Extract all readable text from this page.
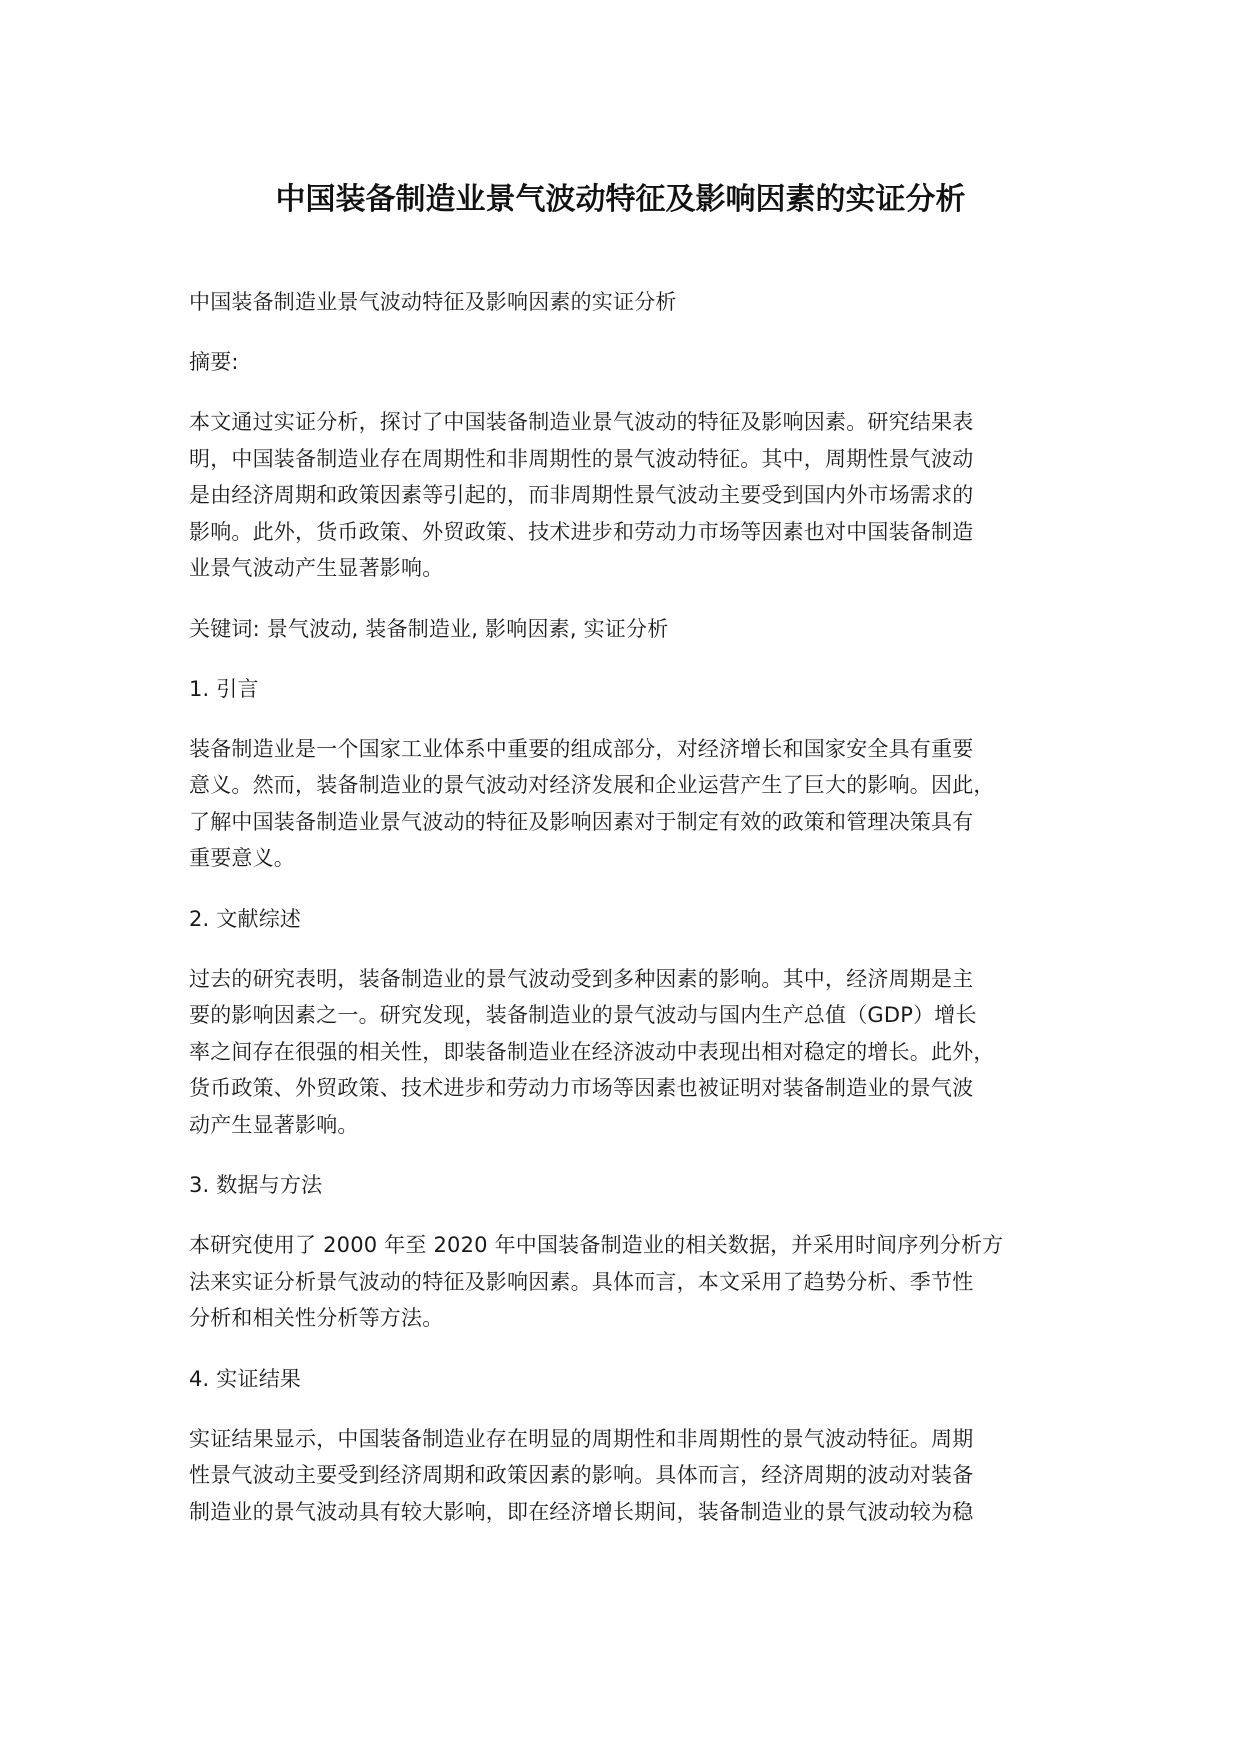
中国装备制造业景气波动特征及影响因素的实证分析

中国装备制造业景气波动特征及影响因素的实证分析

摘要:

本文通过实证分析，探讨了中国装备制造业景气波动的特征及影响因素。研究结果表
明，中国装备制造业存在周期性和非周期性的景气波动特征。其中，周期性景气波动
是由经济周期和政策因素等引起的，而非周期性景气波动主要受到国内外市场需求的
影响。此外，货币政策、外贸政策、技术进步和劳动力市场等因素也对中国装备制造
业景气波动产生显著影响。

关键词: 景气波动, 装备制造业, 影响因素, 实证分析

1. 引言

装备制造业是一个国家工业体系中重要的组成部分，对经济增长和国家安全具有重要
意义。然而，装备制造业的景气波动对经济发展和企业运营产生了巨大的影响。因此，
了解中国装备制造业景气波动的特征及影响因素对于制定有效的政策和管理决策具有
重要意义。

2. 文献综述

过去的研究表明，装备制造业的景气波动受到多种因素的影响。其中，经济周期是主
要的影响因素之一。研究发现，装备制造业的景气波动与国内生产总值（GDP）增长
率之间存在很强的相关性，即装备制造业在经济波动中表现出相对稳定的增长。此外，
货币政策、外贸政策、技术进步和劳动力市场等因素也被证明对装备制造业的景气波
动产生显著影响。

3. 数据与方法

本研究使用了 2000 年至 2020 年中国装备制造业的相关数据，并采用时间序列分析方
法来实证分析景气波动的特征及影响因素。具体而言，本文采用了趋势分析、季节性
分析和相关性分析等方法。

4. 实证结果

实证结果显示，中国装备制造业存在明显的周期性和非周期性的景气波动特征。周期
性景气波动主要受到经济周期和政策因素的影响。具体而言，经济周期的波动对装备
制造业的景气波动具有较大影响，即在经济增长期间，装备制造业的景气波动较为稳
